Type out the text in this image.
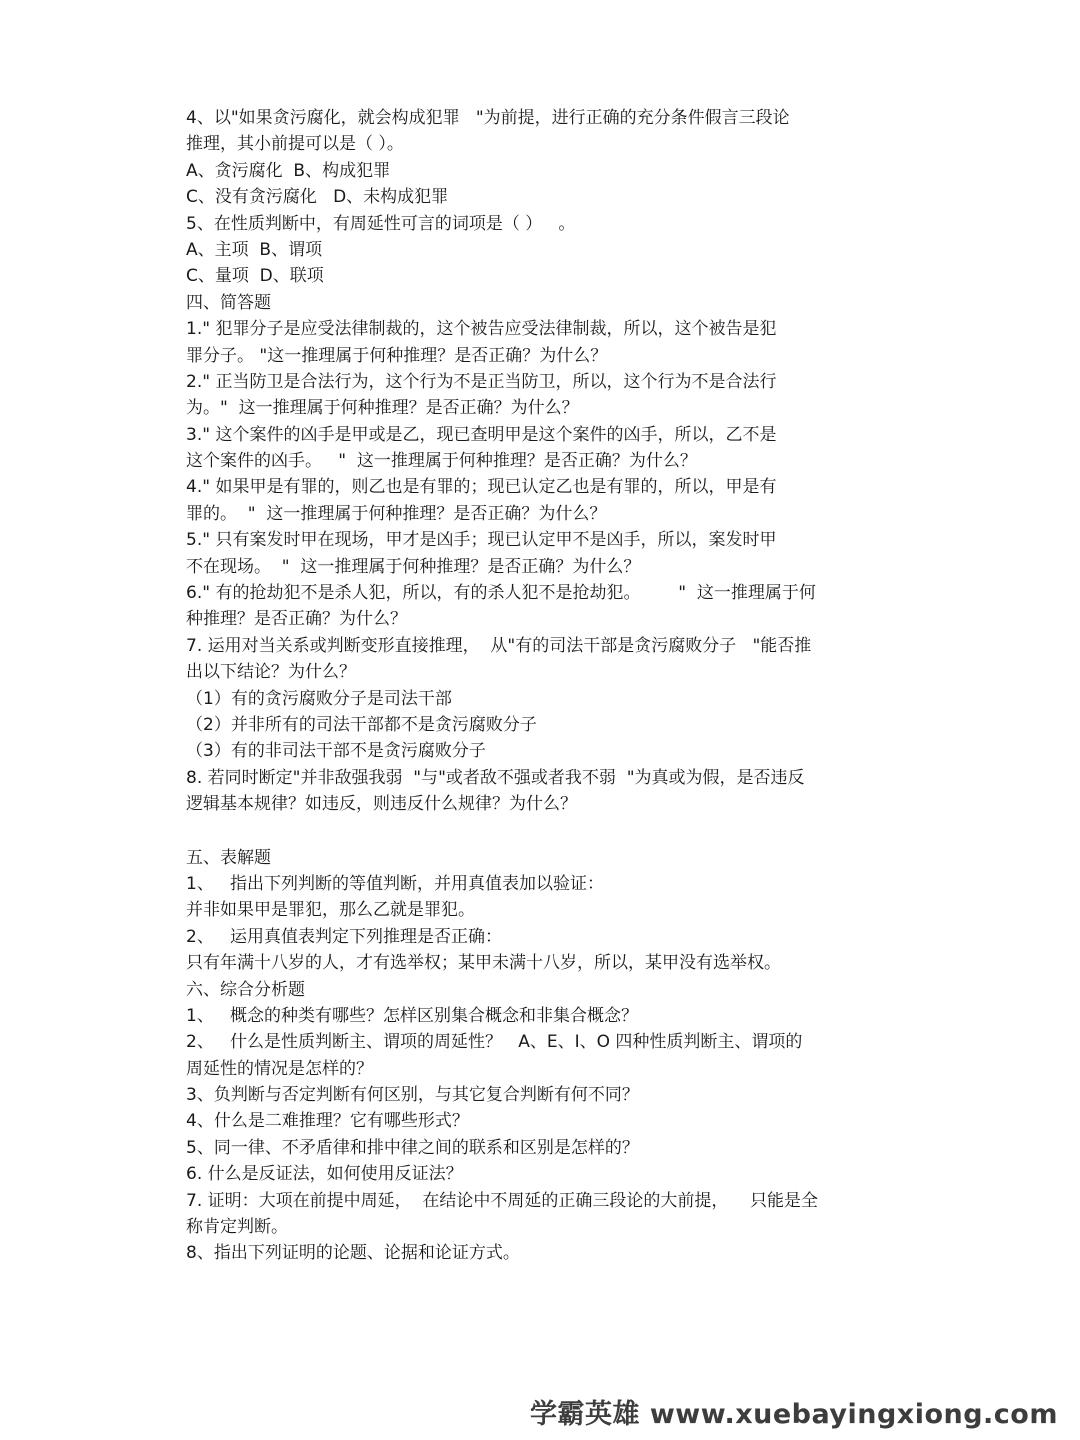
4、以"如果贪污腐化，就会构成犯罪   "为前提，进行正确的充分条件假言三段论
推理，其小前提可以是（ ）。
A、贪污腐化  B、构成犯罪
C、没有贪污腐化   D、未构成犯罪
5、在性质判断中，有周延性可言的词项是（ ）   。
A、主项  B、谓项
C、量项  D、联项
四、简答题
1." 犯罪分子是应受法律制裁的，这个被告应受法律制裁，所以，这个被告是犯
罪分子。 "这一推理属于何种推理？是否正确？为什么？
2." 正当防卫是合法行为，这个行为不是正当防卫，所以，这个行为不是合法行
为。"  这一推理属于何种推理？是否正确？为什么？
3." 这个案件的凶手是甲或是乙，现已查明甲是这个案件的凶手，所以，乙不是
这个案件的凶手。   "  这一推理属于何种推理？是否正确？为什么？
4." 如果甲是有罪的，则乙也是有罪的；现已认定乙也是有罪的，所以，甲是有
罪的。  "  这一推理属于何种推理？是否正确？为什么？
5." 只有案发时甲在现场，甲才是凶手；现已认定甲不是凶手，所以，案发时甲
不在现场。  "  这一推理属于何种推理？是否正确？为什么？
6." 有的抢劫犯不是杀人犯，所以，有的杀人犯不是抢劫犯。       "  这一推理属于何
种推理？是否正确？为什么？
7. 运用对当关系或判断变形直接推理，  从"有的司法干部是贪污腐败分子   "能否推
出以下结论？为什么？
（1）有的贪污腐败分子是司法干部
（2）并非所有的司法干部都不是贪污腐败分子
（3）有的非司法干部不是贪污腐败分子
8. 若同时断定"并非敌强我弱  "与"或者敌不强或者我不弱  "为真或为假，是否违反
逻辑基本规律？如违反，则违反什么规律？为什么？
五、表解题
1、   指出下列判断的等值判断，并用真值表加以验证：
并非如果甲是罪犯，那么乙就是罪犯。
2、   运用真值表判定下列推理是否正确：
只有年满十八岁的人，才有选举权；某甲未满十八岁，所以，某甲没有选举权。
六、综合分析题
1、   概念的种类有哪些？怎样区别集合概念和非集合概念？
2、   什么是性质判断主、谓项的周延性？   A、E、I、O 四种性质判断主、谓项的
周延性的情况是怎样的？
3、负判断与否定判断有何区别，与其它复合判断有何不同？
4、什么是二难推理？它有哪些形式？
5、同一律、不矛盾律和排中律之间的联系和区别是怎样的？
6. 什么是反证法，如何使用反证法？
7. 证明：大项在前提中周延，  在结论中不周延的正确三段论的大前提，    只能是全
称肯定判断。
8、指出下列证明的论题、论据和论证方式。
学霸英雄 www.xuebayingxiong.com
